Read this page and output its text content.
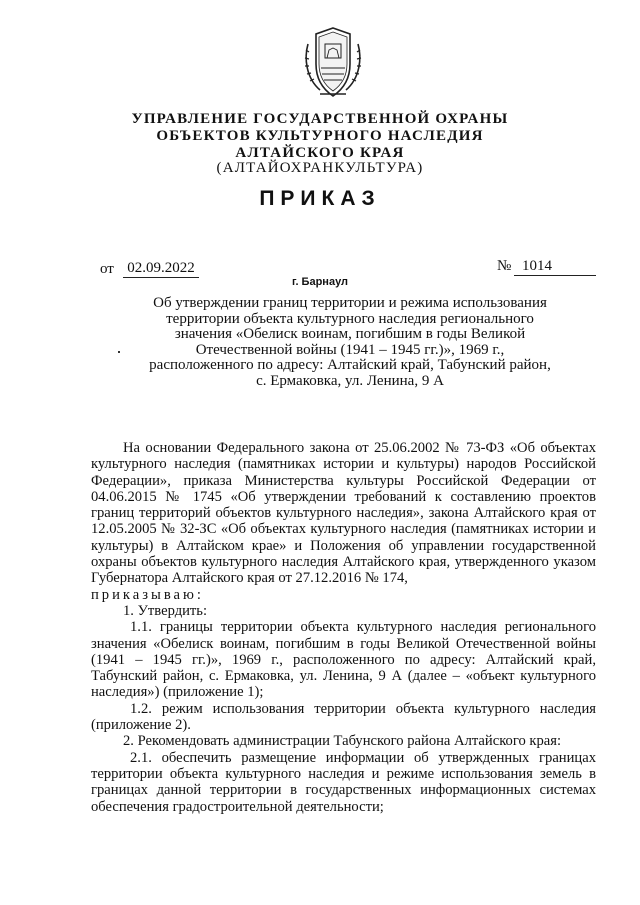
УПРАВЛЕНИЕ ГОСУДАРСТВЕННОЙ ОХРАНЫ
ОБЪЕКТОВ КУЛЬТУРНОГО НАСЛЕДИЯ
АЛТАЙСКОГО КРАЯ
(АЛТАЙОХРАНКУЛЬТУРА)
ПРИКАЗ
от 02.09.2022	№ 1014
г. Барнаул
Об утверждении границ территории и режима использования
территории объекта культурного наследия регионального
значения «Обелиск воинам, погибшим в годы Великой
Отечественной войны (1941 – 1945 гг.)», 1969 г.,
расположенного по адресу: Алтайский край, Табунский район,
с. Ермаковка, ул. Ленина, 9 А

На основании Федерального закона от 25.06.2002 № 73-ФЗ «Об объектах культурного наследия (памятниках истории и культуры) народов Российской Федерации», приказа Министерства культуры Российской Федерации от 04.06.2015 № 1745 «Об утверждении требований к составлению проектов границ территорий объектов культурного наследия», закона Алтайского края от 12.05.2005 № 32-ЗС «Об объектах культурного наследия (памятниках истории и культуры) в Алтайском крае» и Положения об управлении государственной охраны объектов культурного наследия Алтайского края, утвержденного указом Губернатора Алтайского края от 27.12.2016 № 174,

приказываю:

1. Утвердить:

1.1. границы территории объекта культурного наследия регионального значения «Обелиск воинам, погибшим в годы Великой Отечественной войны (1941 – 1945 гг.)», 1969 г., расположенного по адресу: Алтайский край, Табунский район, с. Ермаковка, ул. Ленина, 9 А (далее – «объект культурного наследия») (приложение 1);

1.2. режим использования территории объекта культурного наследия (приложение 2).

2. Рекомендовать администрации Табунского района Алтайского края:

2.1. обеспечить размещение информации об утвержденных границах территории объекта культурного наследия и режиме использования земель в границах данной территории в государственных информационных системах обеспечения градостроительной деятельности;
